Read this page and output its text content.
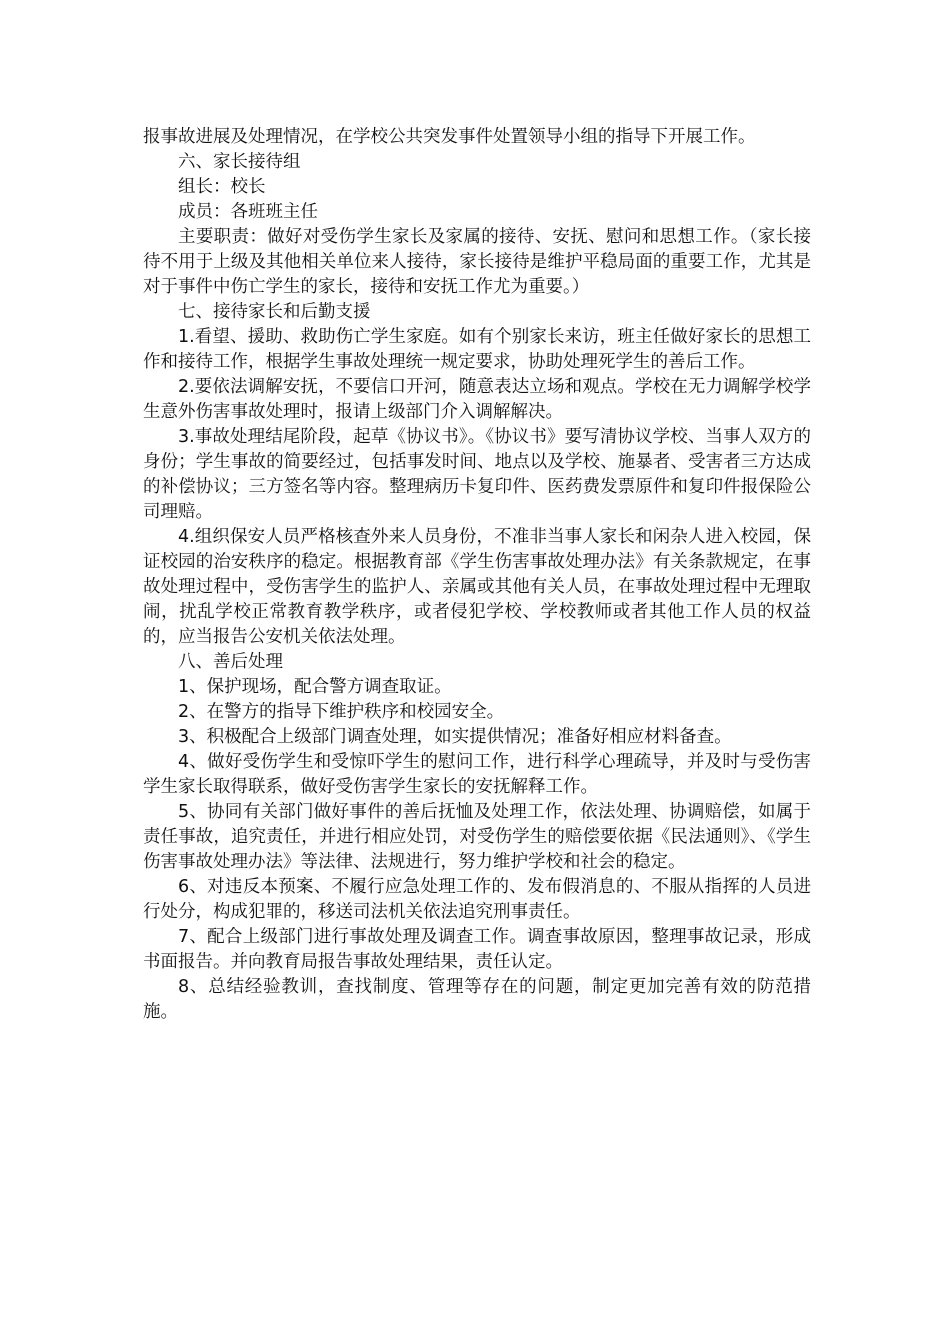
报事故进展及处理情况，在学校公共突发事件处置领导小组的指导下开展工作。

六、家长接待组

组长：校长

成员：各班班主任

主要职责：做好对受伤学生家长及家属的接待、安抚、慰问和思想工作。（家长接待不用于上级及其他相关单位来人接待，家长接待是维护平稳局面的重要工作，尤其是对于事件中伤亡学生的家长，接待和安抚工作尤为重要。）

七、接待家长和后勤支援

1.看望、援助、救助伤亡学生家庭。如有个别家长来访，班主任做好家长的思想工作和接待工作，根据学生事故处理统一规定要求，协助处理死学生的善后工作。

2.要依法调解安抚，不要信口开河，随意表达立场和观点。学校在无力调解学校学生意外伤害事故处理时，报请上级部门介入调解解决。

3.事故处理结尾阶段，起草《协议书》。《协议书》要写清协议学校、当事人双方的身份；学生事故的简要经过，包括事发时间、地点以及学校、施暴者、受害者三方达成的补偿协议；三方签名等内容。整理病历卡复印件、医药费发票原件和复印件报保险公司理赔。

4.组织保安人员严格核查外来人员身份，不准非当事人家长和闲杂人进入校园，保证校园的治安秩序的稳定。根据教育部《学生伤害事故处理办法》有关条款规定，在事故处理过程中，受伤害学生的监护人、亲属或其他有关人员，在事故处理过程中无理取闹，扰乱学校正常教育教学秩序，或者侵犯学校、学校教师或者其他工作人员的权益的，应当报告公安机关依法处理。

八、善后处理

1、保护现场，配合警方调查取证。

2、在警方的指导下维护秩序和校园安全。

3、积极配合上级部门调查处理，如实提供情况；准备好相应材料备查。

4、做好受伤学生和受惊吓学生的慰问工作，进行科学心理疏导，并及时与受伤害学生家长取得联系，做好受伤害学生家长的安抚解释工作。

5、协同有关部门做好事件的善后抚恤及处理工作，依法处理、协调赔偿，如属于责任事故，追究责任，并进行相应处罚，对受伤学生的赔偿要依据《民法通则》、《学生伤害事故处理办法》等法律、法规进行，努力维护学校和社会的稳定。

6、对违反本预案、不履行应急处理工作的、发布假消息的、不服从指挥的人员进行处分，构成犯罪的，移送司法机关依法追究刑事责任。

7、配合上级部门进行事故处理及调查工作。调查事故原因，整理事故记录，形成书面报告。并向教育局报告事故处理结果，责任认定。

8、总结经验教训，查找制度、管理等存在的问题，制定更加完善有效的防范措施。
